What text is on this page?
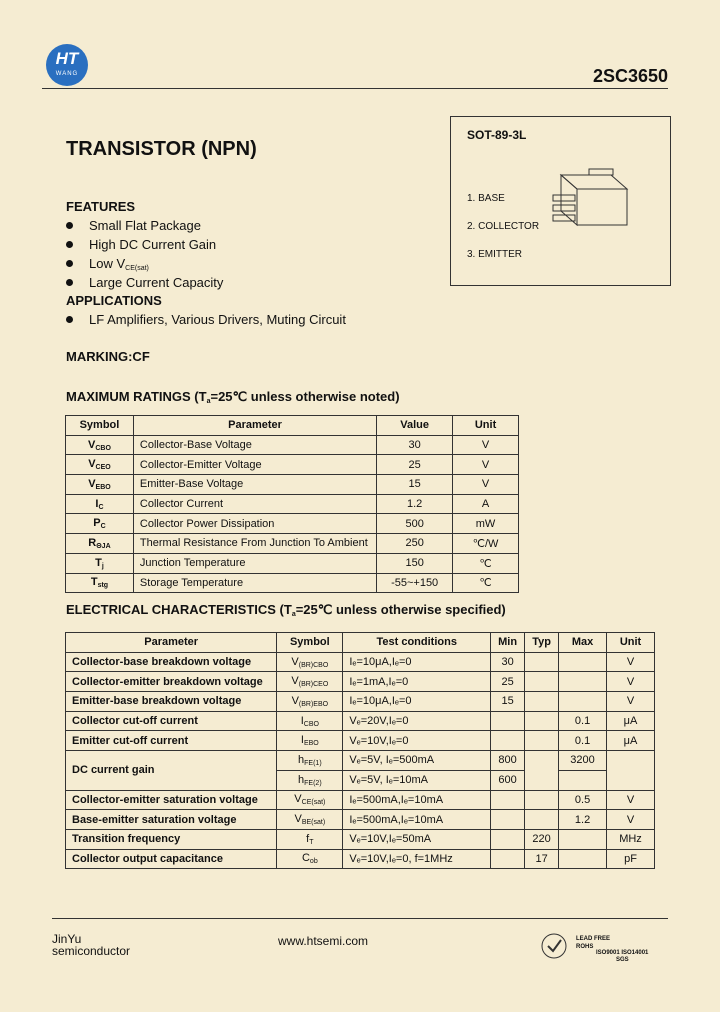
HT
WANG	2SC3650
TRANSISTOR (NPN)
SOT-89-3L
1. BASE
2. COLLECTOR
3. EMITTER
FEATURES
Small Flat Package
High DC Current Gain
Low $V_{CE(sat)}$
Large Current Capacity
APPLICATIONS
LF Amplifiers, Various Drivers, Muting Circuit
MARKING:CF
MAXIMUM RATINGS ($T_a=25℃$ unless otherwise noted)
Symbol	Parameter	Value	Unit
$V_{CBO}$	Collector-Base Voltage	30	V
$V_{CEO}$	Collector-Emitter Voltage	25	V
$V_{EBO}$	Emitter-Base Voltage	15	V
$I_C$	Collector Current	1.2	A
$P_C$	Collector Power Dissipation	500	mW
$R_{\Theta JA}$	Thermal Resistance From Junction To Ambient	250	℃/W
$T_j$	Junction Temperature	150	℃
$T_{stg}$	Storage Temperature	-55~+150	℃
ELECTRICAL CHARACTERISTICS ($T_a=25℃$ unless otherwise specified)
Parameter	Symbol	Test conditions	Min	Typ	Max	Unit
Collector-base breakdown voltage	$V_{(BR)CBO}$	Iₑ=10μA,Iₑ=0	30			V
Collector-emitter breakdown voltage	$V_{(BR)CEO}$	Iₑ=1mA,Iₑ=0	25			V
Emitter-base breakdown voltage	$V_{(BR)EBO}$	Iₑ=10μA,Iₑ=0	15			V
Collector cut-off current	$I_{CBO}$	Vₑ=20V,Iₑ=0			0.1	μA
Emitter cut-off current	$I_{EBO}$	Vₑ=10V,Iₑ=0			0.1	μA
DC current gain	$h_{FE(1)}$	Vₑ=5V, Iₑ=500mA	800		3200	
	$h_{FE(2)}$	Vₑ=5V, Iₑ=10mA	600			
Collector-emitter saturation voltage	$V_{CE(sat)}$	Iₑ=500mA,Iₑ=10mA			0.5	V
Base-emitter saturation voltage	$V_{BE(sat)}$	Iₑ=500mA,Iₑ=10mA			1.2	V
Transition frequency	$f_T$	Vₑ=10V,Iₑ=50mA		220		MHz
Collector output capacitance	$C_{ob}$	Vₑ=10V,Iₑ=0, f=1MHz		17		pF
JinYu
semiconductor
www.htsemi.com	LEAD FREE
ROHS
ISO9001 ISO14001
SGS
